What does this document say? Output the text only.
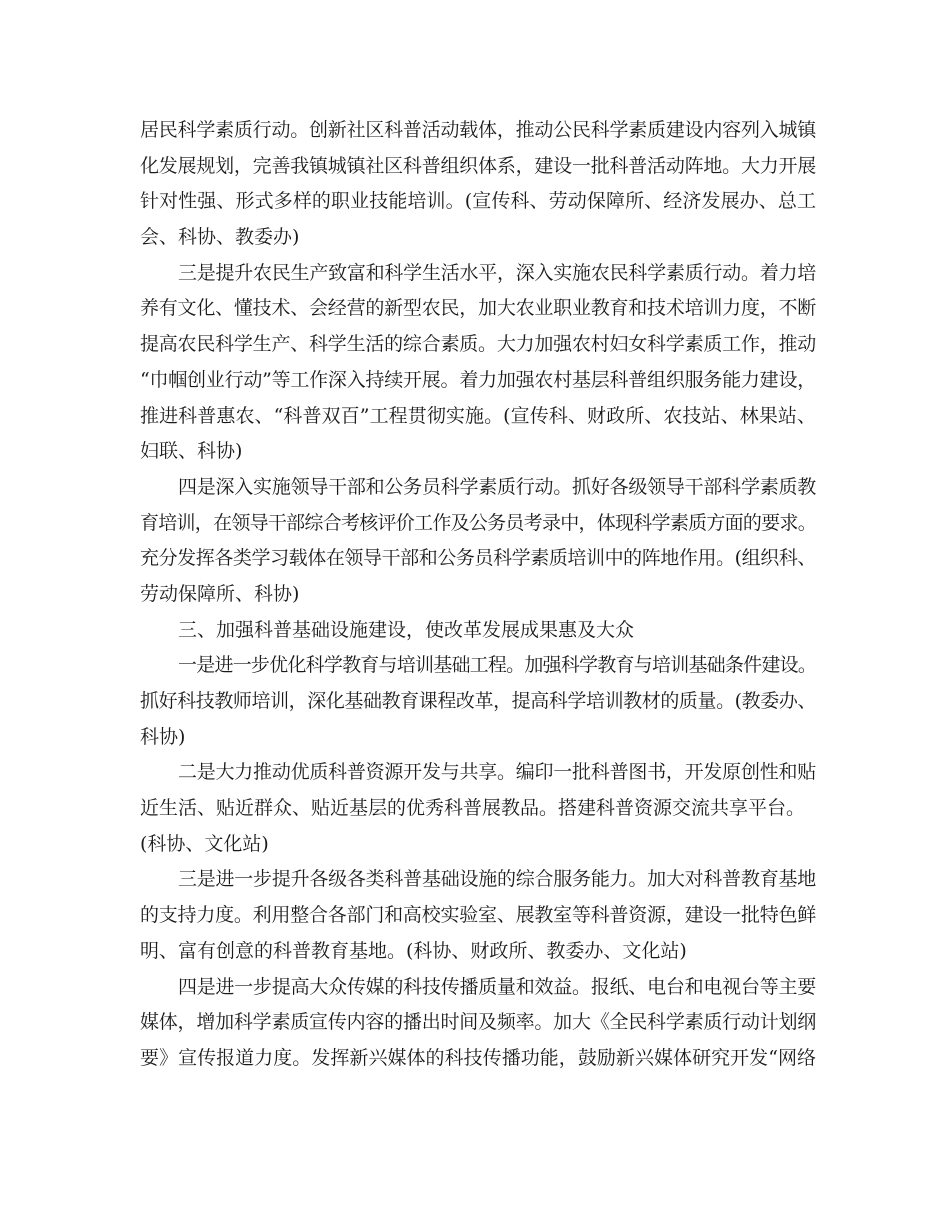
居民科学素质行动。创新社区科普活动载体，推动公民科学素质建设内容列入城镇
化发展规划，完善我镇城镇社区科普组织体系，建设一批科普活动阵地。大力开展
针对性强、形式多样的职业技能培训。(宣传科、劳动保障所、经济发展办、总工
会、科协、教委办)
三是提升农民生产致富和科学生活水平，深入实施农民科学素质行动。着力培
养有文化、懂技术、会经营的新型农民，加大农业职业教育和技术培训力度，不断
提高农民科学生产、科学生活的综合素质。大力加强农村妇女科学素质工作，推动
“巾帼创业行动”等工作深入持续开展。着力加强农村基层科普组织服务能力建设，
推进科普惠农、“科普双百”工程贯彻实施。(宣传科、财政所、农技站、林果站、
妇联、科协)
四是深入实施领导干部和公务员科学素质行动。抓好各级领导干部科学素质教
育培训，在领导干部综合考核评价工作及公务员考录中，体现科学素质方面的要求。
充分发挥各类学习载体在领导干部和公务员科学素质培训中的阵地作用。(组织科、
劳动保障所、科协)
三、加强科普基础设施建设，使改革发展成果惠及大众
一是进一步优化科学教育与培训基础工程。加强科学教育与培训基础条件建设。
抓好科技教师培训，深化基础教育课程改革，提高科学培训教材的质量。(教委办、
科协)
二是大力推动优质科普资源开发与共享。编印一批科普图书，开发原创性和贴
近生活、贴近群众、贴近基层的优秀科普展教品。搭建科普资源交流共享平台。
(科协、文化站)
三是进一步提升各级各类科普基础设施的综合服务能力。加大对科普教育基地
的支持力度。利用整合各部门和高校实验室、展教室等科普资源，建设一批特色鲜
明、富有创意的科普教育基地。(科协、财政所、教委办、文化站)
四是进一步提高大众传媒的科技传播质量和效益。报纸、电台和电视台等主要
媒体，增加科学素质宣传内容的播出时间及频率。加大《全民科学素质行动计划纲
要》宣传报道力度。发挥新兴媒体的科技传播功能，鼓励新兴媒体研究开发“网络
